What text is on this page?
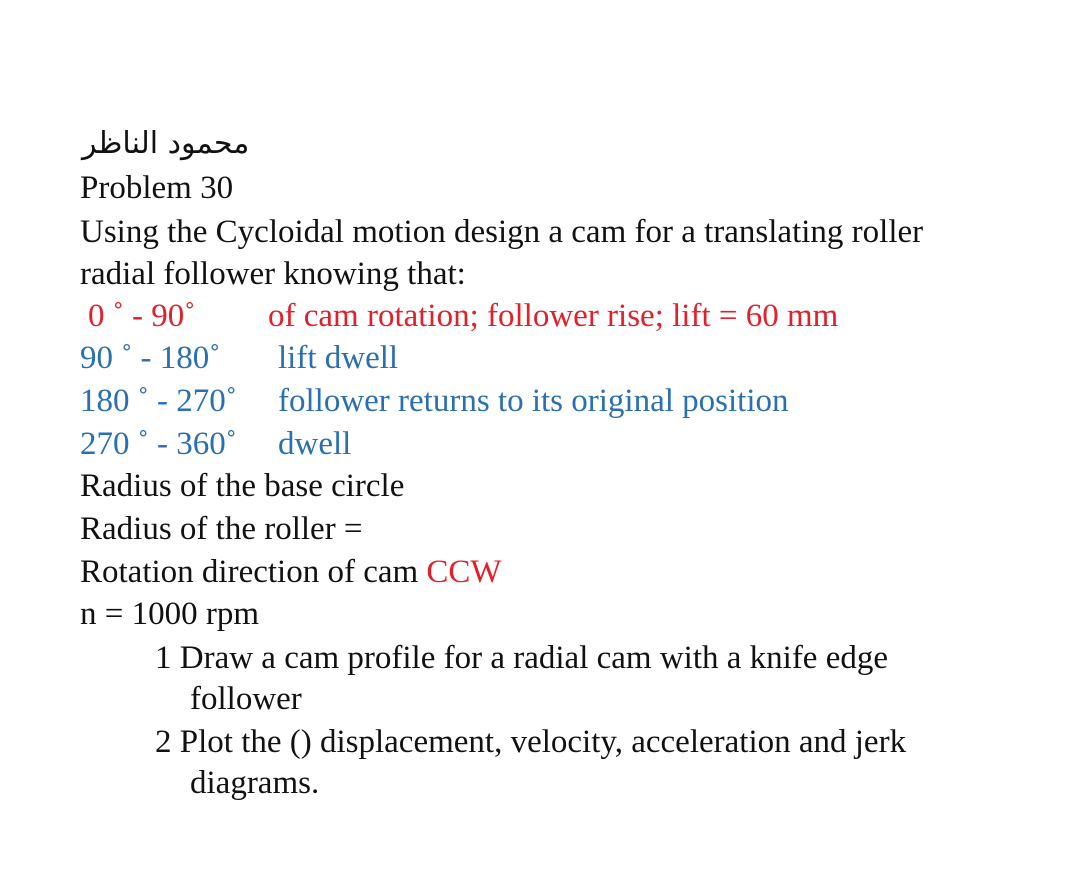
محمود الناظر
Problem 30
Using the Cycloidal motion design a cam for a translating roller
radial follower knowing that:
0 ˚ - 90˚ of cam rotation; follower rise; lift = 60 mm
90 ˚ - 180˚ lift dwell
180 ˚ - 270˚ follower returns to its original position
270 ˚ - 360˚ dwell
Radius of the base circle
Radius of the roller =
Rotation direction of cam CCW
n = 1000 rpm
1 Draw a cam profile for a radial cam with a knife edge
follower
2 Plot the () displacement, velocity, acceleration and jerk
diagrams.
